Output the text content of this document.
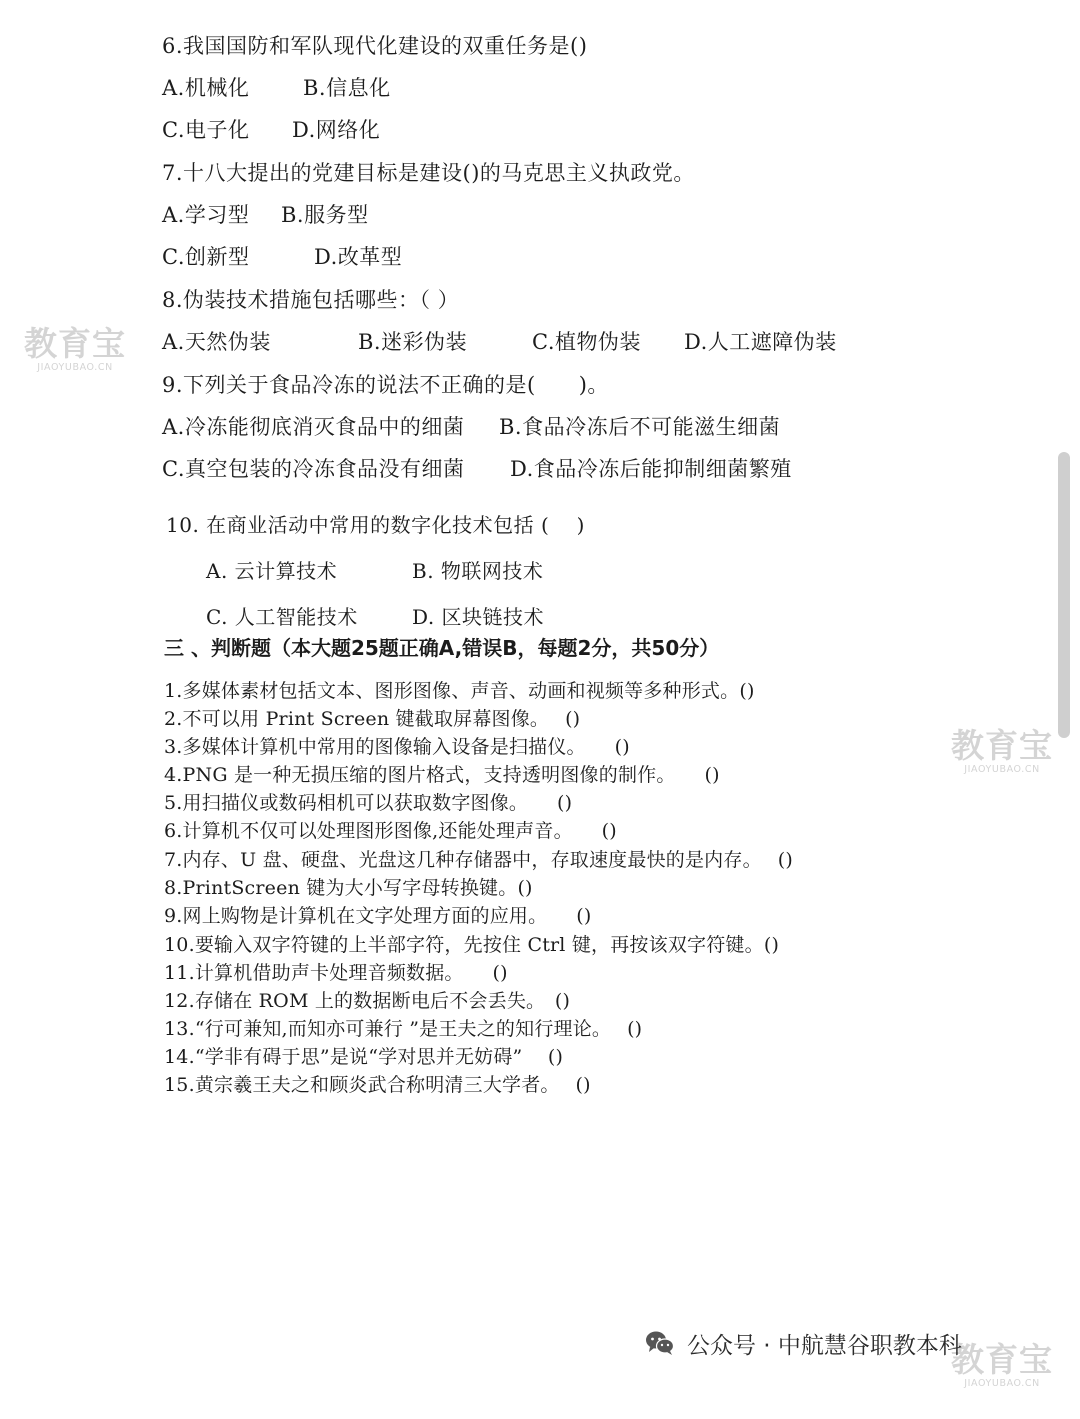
6.我国国防和军队现代化建设的双重任务是()
A.机械化	B.信息化
C.电子化 D.网络化
7.十八大提出的党建目标是建设()的马克思主义执政党。
A.学习型 B.服务型
C.创新型	D.改革型
8.伪装技术措施包括哪些：（ ）
A.天然伪装	B.迷彩伪装	C.植物伪装 D.人工遮障伪装
9.下列关于食品冷冻的说法不正确的是(　　)。
A.冷冻能彻底消灭食品中的细菌 B.食品冷冻后不可能滋生细菌
C.真空包装的冷冻食品没有细菌 D.食品冷冻后能抑制细菌繁殖
10. 在商业活动中常用的数字化技术包括 (　 )
A. 云计算技术	B. 物联网技术
C. 人工智能技术	D. 区块链技术
三 、判断题（本大题25题正确A,错误B，每题2分，共50分）
1.多媒体素材包括文本、图形图像、声音、动画和视频等多种形式。()
2.不可以用 Print Screen 键截取屏幕图像。　 ()
3.多媒体计算机中常用的图像输入设备是扫描仪。　　()
4.PNG 是一种无损压缩的图片格式，支持透明图像的制作。　　()
5.用扫描仪或数码相机可以获取数字图像。　　()
6.计算机不仅可以处理图形图像,还能处理声音。　　()
7.内存、U 盘、硬盘、光盘这几种存储器中，存取速度最快的是内存。　 ()
8.PrintScreen 键为大小写字母转换键。()
9.网上购物是计算机在文字处理方面的应用。　　()
10.要输入双字符键的上半部字符，先按住 Ctrl 键，再按该双字符键。()
11.计算机借助声卡处理音频数据。　　()
12.存储在 ROM 上的数据断电后不会丢失。　()
13.“行可兼知,而知亦可兼行 ”是王夫之的知行理论。　 ()
14.“学非有碍于思”是说“学对思并无妨碍”　 ()
15.黄宗羲王夫之和顾炎武合称明清三大学者。　 ()
教育宝
JIAOYUBAO.CN
教育宝
JIAOYUBAO.CN
教育宝
JIAOYUBAO.CN
公众号 · 中航慧谷职教本科
